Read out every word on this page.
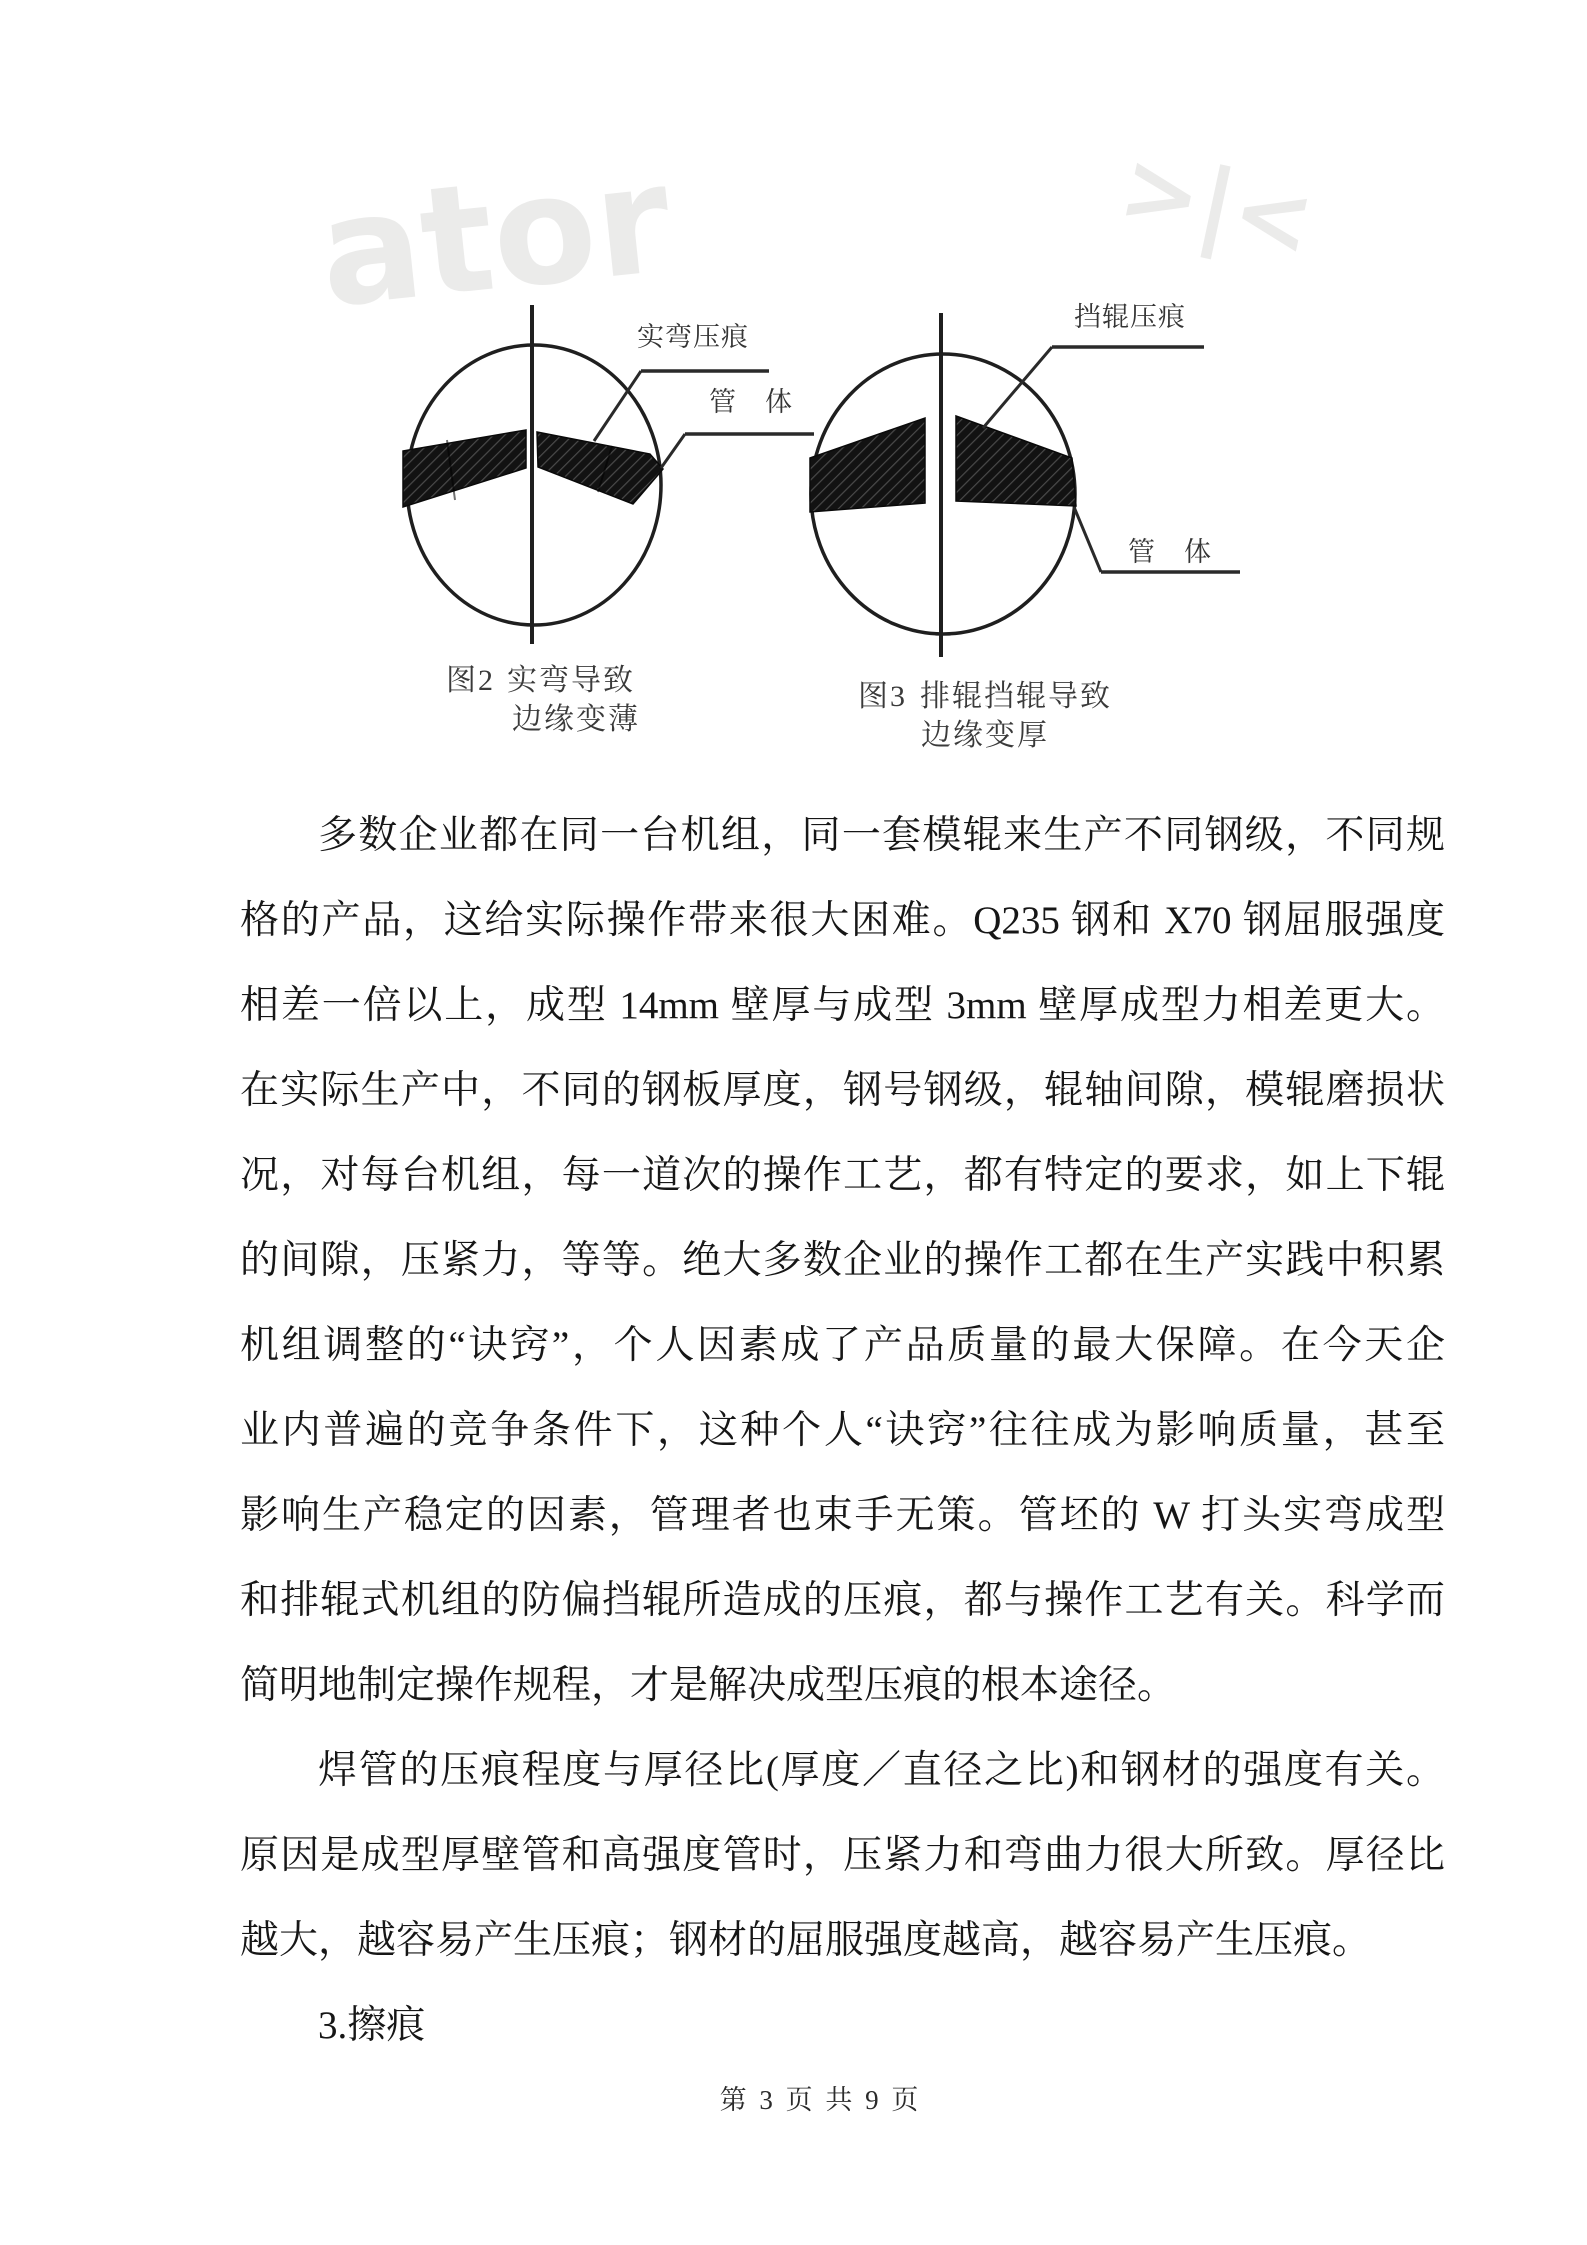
ator	>|<
实弯压痕
管　体
图2 实弯导致
边缘变薄
挡辊压痕
管　体
图3 排辊挡辊导致
边缘变厚
多数企业都在同一台机组，同一套模辊来生产不同钢级，不同规
格的产品，这给实际操作带来很大困难。Q235 钢和 X70 钢屈服强度
相差一倍以上，成型 14mm 壁厚与成型 3mm 壁厚成型力相差更大。
在实际生产中，不同的钢板厚度，钢号钢级，辊轴间隙，模辊磨损状
况，对每台机组，每一道次的操作工艺，都有特定的要求，如上下辊
的间隙，压紧力，等等。绝大多数企业的操作工都在生产实践中积累
机组调整的“诀窍”，个人因素成了产品质量的最大保障。在今天企
业内普遍的竞争条件下，这种个人“诀窍”往往成为影响质量，甚至
影响生产稳定的因素，管理者也束手无策。管坯的 W 打头实弯成型
和排辊式机组的防偏挡辊所造成的压痕，都与操作工艺有关。科学而
简明地制定操作规程，才是解决成型压痕的根本途径。
焊管的压痕程度与厚径比(厚度／直径之比)和钢材的强度有关。
原因是成型厚壁管和高强度管时，压紧力和弯曲力很大所致。厚径比
越大，越容易产生压痕；钢材的屈服强度越高，越容易产生压痕。
3.擦痕
第 3 页 共 9 页
